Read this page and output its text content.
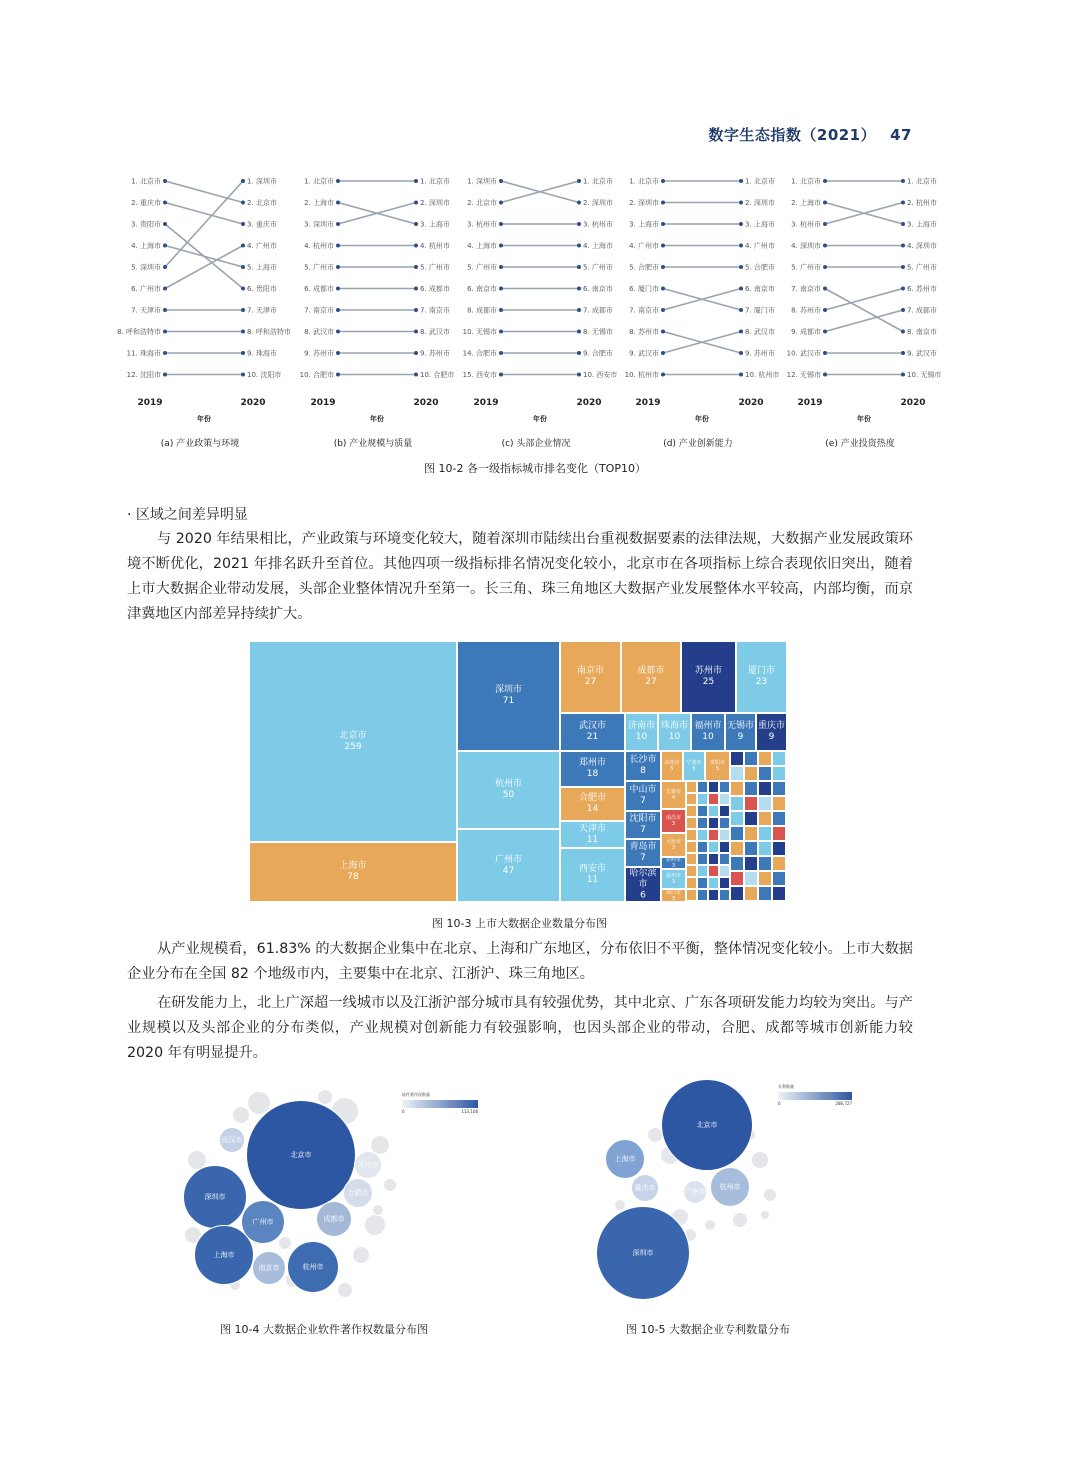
数字生态指数（2021） 47
1. 北京市	1. 深圳市
2. 重庆市	2. 北京市
3. 贵阳市	3. 重庆市
4. 上海市	4. 广州市
5. 深圳市	5. 上海市
6. 广州市	6. 贵阳市
7. 天津市	7. 天津市
8. 呼和浩特市	8. 呼和浩特市
11. 珠海市	9. 珠海市
12. 沈阳市	10. 沈阳市
2019	2020
年份
(a) 产业政策与环境
1. 北京市	1. 北京市
2. 上海市	2. 深圳市
3. 深圳市	3. 上海市
4. 杭州市	4. 杭州市
5. 广州市	5. 广州市
6. 成都市	6. 成都市
7. 南京市	7. 南京市
8. 武汉市	8. 武汉市
9. 苏州市	9. 苏州市
10. 合肥市	10. 合肥市
2019	2020
年份
(b) 产业规模与质量
1. 深圳市	1. 北京市
2. 北京市	2. 深圳市
3. 杭州市	3. 杭州市
4. 上海市	4. 上海市
5. 广州市	5. 广州市
6. 南京市	6. 南京市
8. 成都市	7. 成都市
10. 无锡市	8. 无锡市
14. 合肥市	9. 合肥市
15. 西安市	10. 西安市
2019	2020
年份
(c) 头部企业情况
1. 北京市	1. 北京市
2. 深圳市	2. 深圳市
3. 上海市	3. 上海市
4. 广州市	4. 广州市
5. 合肥市	5. 合肥市
6. 厦门市	6. 南京市
7. 南京市	7. 厦门市
8. 苏州市	8. 武汉市
9. 武汉市	9. 苏州市
10. 杭州市	10. 杭州市
2019	2020
年份
(d) 产业创新能力
1. 北京市	1. 北京市
2. 上海市	2. 杭州市
3. 杭州市	3. 上海市
4. 深圳市	4. 深圳市
5. 广州市	5. 广州市
7. 南京市	6. 苏州市
8. 苏州市	7. 成都市
9. 成都市	8. 南京市
10. 武汉市	9. 武汉市
12. 无锡市	10. 无锡市
2019	2020
年份
(e) 产业投资热度
图 10-2 各一级指标城市排名变化（TOP10）
· 区域之间差异明显
与 2020 年结果相比，产业政策与环境变化较大，随着深圳市陆续出台重视数据要素的法律法规，大数据产业发展政策环境不断优化，2021 年排名跃升至首位。其他四项一级指标排名情况变化较小，北京市在各项指标上综合表现依旧突出，随着上市大数据企业带动发展，头部企业整体情况升至第一。长三角、珠三角地区大数据产业发展整体水平较高，内部均衡，而京津冀地区内部差异持续扩大。
北京市
259
上海市
78
深圳市
71
杭州市
50
广州市
47
南京市
27
成都市
27
苏州市
25
厦门市
23
武汉市
21
郑州市
18
合肥市
14
天津市
11
西安市
11
济南市
10
珠海市
10
福州市
10
无锡市
9
重庆市
9
长沙市
8
中山市
7
沈阳市
7
青岛市
7
哈尔滨市
6
东莞市
5
宁波市
5
贵阳市
5
长春市
4
南昌市
3
大连市
3
昆明市
3
温州市
3
海口市
3
图 10-3 上市大数据企业数量分布图
从产业规模看，61.83% 的大数据企业集中在北京、上海和广东地区，分布依旧不平衡，整体情况变化较小。上市大数据企业分布在全国 82 个地级市内，主要集中在北京、江浙沪、珠三角地区。
在研发能力上，北上广深超一线城市以及江浙沪部分城市具有较强优势，其中北京、广东各项研发能力均较为突出。与产业规模以及头部企业的分布类似，产业规模对创新能力有较强影响，也因头部企业的带动，合肥、成都等城市创新能力较 2020 年有明显提升。
北京市
深圳市
上海市
广州市
杭州市
成都市
南京市
武汉市
合肥市
苏州市
软件著作权数量
0	113,108
图 10-4 大数据企业软件著作权数量分布图
北京市
深圳市
上海市
杭州市
重庆市	广州市
专利数量
0	286,727
图 10-5 大数据企业专利数量分布
